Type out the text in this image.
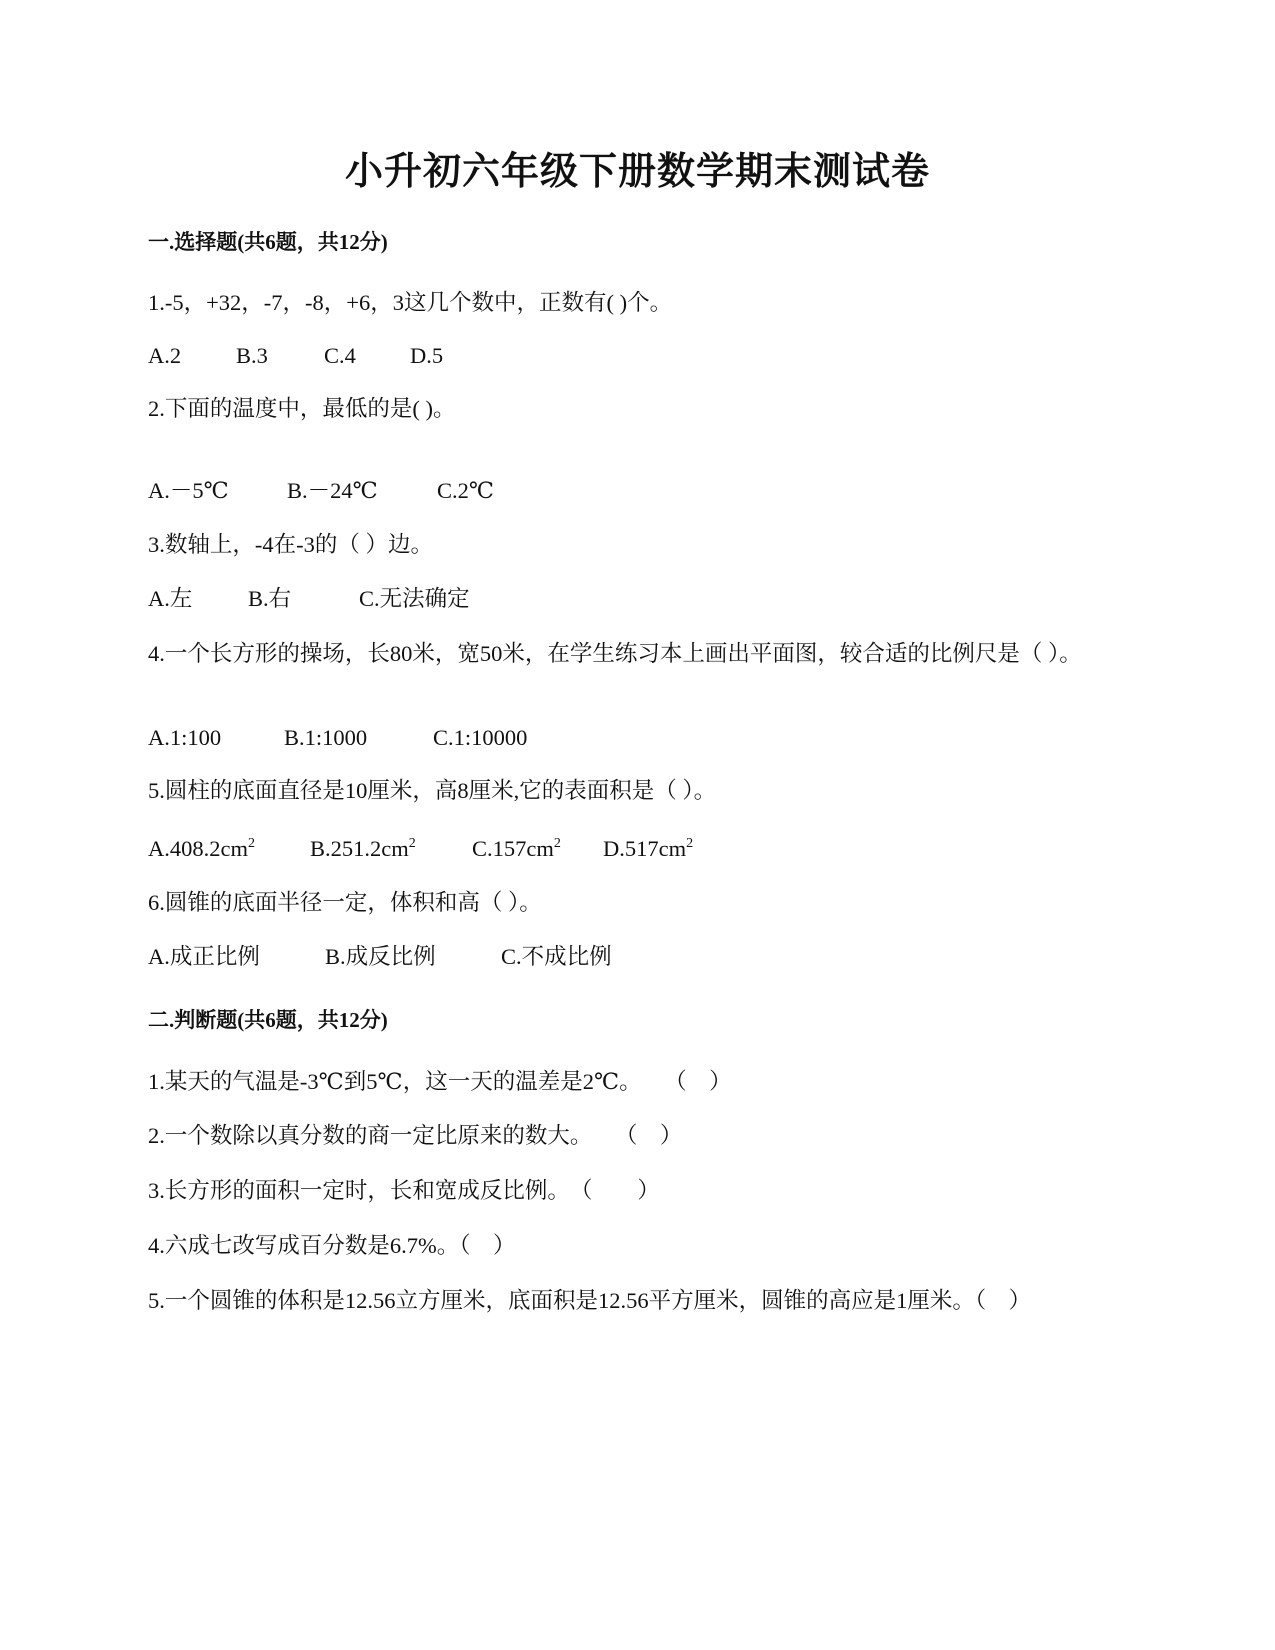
小升初六年级下册数学期末测试卷
一.选择题(共6题，共12分)
1.-5，+32，-7，-8，+6，3这几个数中，正数有( )个。
A.2 B.3 C.4 D.5
2.下面的温度中，最低的是( )。
A.－5℃	B.－24℃	C.2℃
3.数轴上，-4在-3的（ ）边。
A.左 B.右	C.无法确定
4.一个长方形的操场，长80米，宽50米，在学生练习本上画出平面图，较合适的比例尺是（ ）。
A.1:100	B.1:1000	C.1:10000
5.圆柱的底面直径是10厘米，高8厘米,它的表面积是（ ）。
$A.408.2cm^2$ $B.251.2cm^2$	$C.157cm^2$ $D.517cm^2$
6.圆锥的底面半径一定，体积和高（ ）。
A.成正比例	B.成反比例	C.不成比例
二.判断题(共6题，共12分)
1.某天的气温是-3℃到5℃，这一天的温差是2℃。　　（　）
2.一个数除以真分数的商一定比原来的数大。　　（　）
3.长方形的面积一定时，长和宽成反比例。　（　　）
4.六成七改写成百分数是6.7%。（　）
5.一个圆锥的体积是12.56立方厘米，底面积是12.56平方厘米，圆锥的高应是1厘米。（　）
